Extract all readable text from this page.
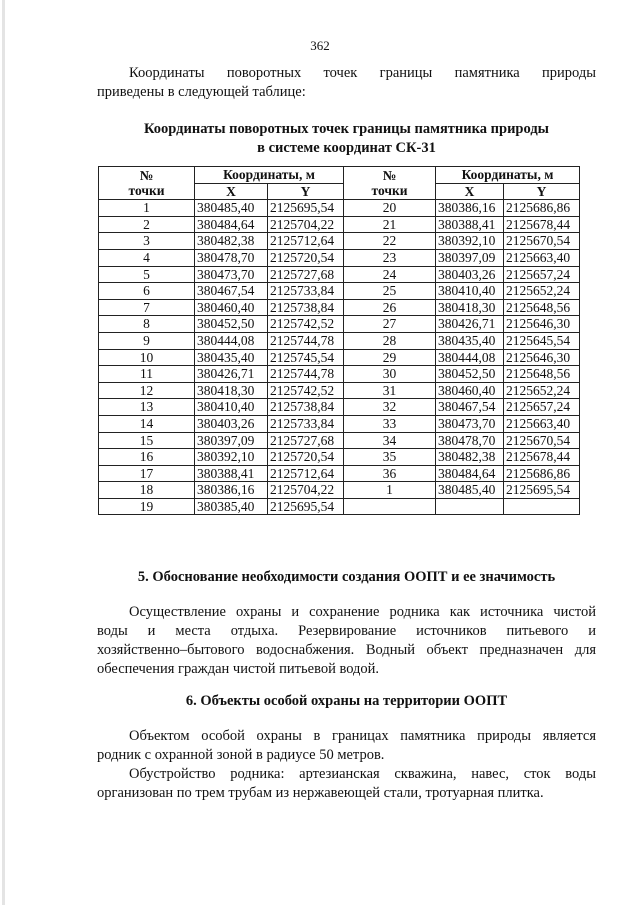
362
Координаты поворотных точек границы памятника природы
приведены в следующей таблице:
Координаты поворотных точек границы памятника природы
в системе координат СК-31
№
точки	Координаты, м		№
точки	Координаты, м	
	X	Y		X	Y
1	380485,40	2125695,54	20	380386,16	2125686,86
2	380484,64	2125704,22	21	380388,41	2125678,44
3	380482,38	2125712,64	22	380392,10	2125670,54
4	380478,70	2125720,54	23	380397,09	2125663,40
5	380473,70	2125727,68	24	380403,26	2125657,24
6	380467,54	2125733,84	25	380410,40	2125652,24
7	380460,40	2125738,84	26	380418,30	2125648,56
8	380452,50	2125742,52	27	380426,71	2125646,30
9	380444,08	2125744,78	28	380435,40	2125645,54
10	380435,40	2125745,54	29	380444,08	2125646,30
11	380426,71	2125744,78	30	380452,50	2125648,56
12	380418,30	2125742,52	31	380460,40	2125652,24
13	380410,40	2125738,84	32	380467,54	2125657,24
14	380403,26	2125733,84	33	380473,70	2125663,40
15	380397,09	2125727,68	34	380478,70	2125670,54
16	380392,10	2125720,54	35	380482,38	2125678,44
17	380388,41	2125712,64	36	380484,64	2125686,86
18	380386,16	2125704,22	1	380485,40	2125695,54
19	380385,40	2125695,54			
5. Обоснование необходимости создания ООПТ и ее значимость
Осуществление охраны и сохранение родника как источника чистой
воды и места отдыха. Резервирование источников питьевого и
хозяйственно–бытового водоснабжения. Водный объект предназначен для
обеспечения граждан чистой питьевой водой.
6. Объекты особой охраны на территории ООПТ
Объектом особой охраны в границах памятника природы является
родник с охранной зоной в радиусе 50 метров.
Обустройство родника: артезианская скважина, навес, сток воды
организован по трем трубам из нержавеющей стали, тротуарная плитка.
